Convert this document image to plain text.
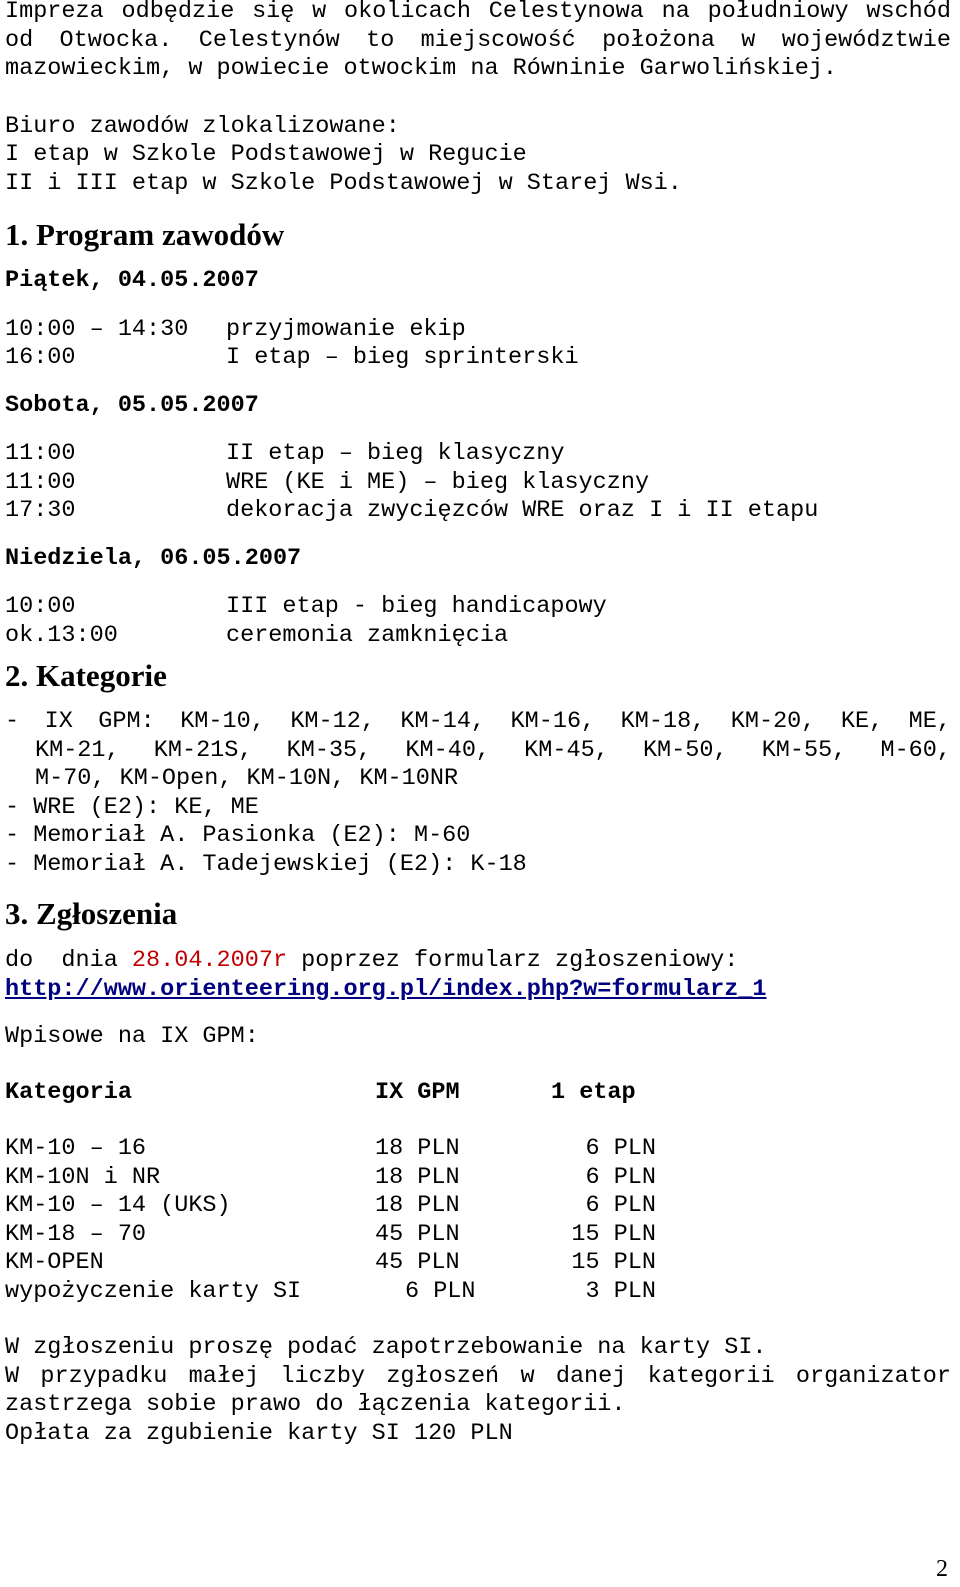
Impreza odbędzie się w okolicach Celestynowa na południowy wschód od Otwocka. Celestynów to miejscowość położona w województwie mazowieckim, w powiecie otwockim na Równinie Garwolińskiej.

Biuro zawodów zlokalizowane:
I etap w Szkole Podstawowej w Regucie
II i III etap w Szkole Podstawowej w Starej Wsi.
1. Program zawodów
Piątek, 04.05.2007
10:00 – 14:30	przyjmowanie ekip
16:00	I etap – bieg sprinterski
Sobota, 05.05.2007
11:00	II etap – bieg klasyczny
11:00	WRE (KE i ME) – bieg klasyczny
17:30	dekoracja zwycięzców WRE oraz I i II etapu
Niedziela, 06.05.2007
10:00	III etap - bieg handicapowy
ok.13:00	ceremonia zamknięcia
2. Kategorie
- IX GPM: KM-10, KM-12, KM-14, KM-16, KM-18, KM-20, KE, ME,
KM-21, KM-21S, KM-35, KM-40, KM-45, KM-50, KM-55, M-60,
M-70, KM-Open, KM-10N, KM-10NR
- WRE (E2): KE, ME
- Memoriał A. Pasionka (E2): M-60
- Memoriał A. Tadejewskiej (E2): K-18
3. Zgłoszenia
do  dnia 28.04.2007r poprzez formularz zgłoszeniowy:
http://www.orienteering.org.pl/index.php?w=formularz_1
Wpisowe na IX GPM:
Kategoria	IX GPM	1 etap

KM-10 – 16	18 PLN	6 PLN
KM-10N i NR	18 PLN	6 PLN
KM-10 – 14 (UKS)	18 PLN	6 PLN
KM-18 – 70	45 PLN	15 PLN
KM-OPEN	45 PLN	15 PLN
wypożyczenie karty SI	6 PLN	3 PLN
W zgłoszeniu proszę podać zapotrzebowanie na karty SI.
W przypadku małej liczby zgłoszeń w danej kategorii organizator zastrzega sobie prawo do łączenia kategorii.
Opłata za zgubienie karty SI 120 PLN
2
